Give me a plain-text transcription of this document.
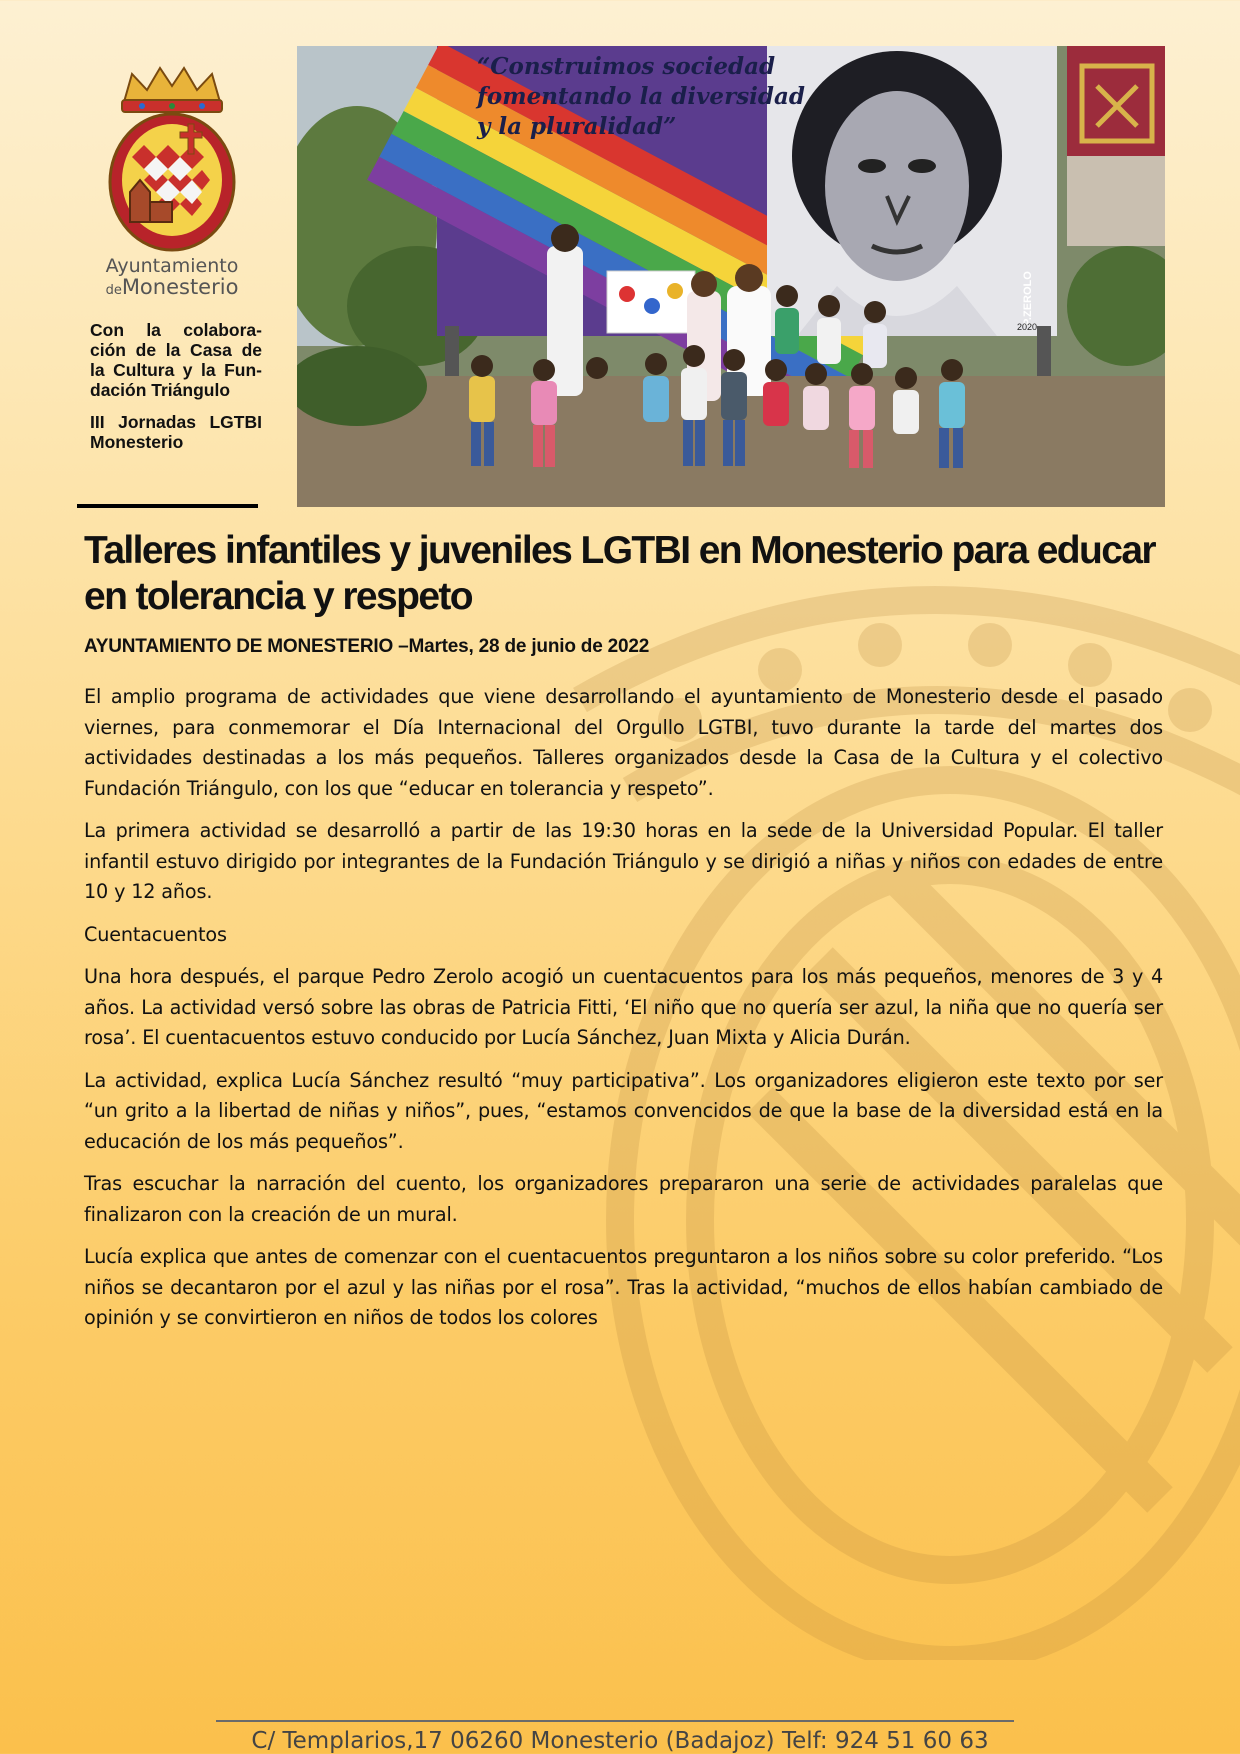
Ayuntamiento
deMonesterio

Con la colabora-ción de la Casa de la Cultura y la Fun-dación Triángulo

III Jornadas LGTBI Monesterio

P.ZEROLO
2020
“Construimos sociedad
fomentando la diversidad
y la pluralidad”
Talleres infantiles y juveniles LGTBI en Monesterio para educar en tolerancia y respeto

AYUNTAMIENTO DE MONESTERIO –Martes, 28 de junio de 2022

El amplio programa de actividades que viene desarrollando el ayuntamiento de Monesterio desde el pasado viernes, para conmemorar el Día Internacional del Orgullo LGTBI, tuvo durante la tarde del martes dos actividades destinadas a los más pequeños. Talleres organizados desde la Casa de la Cultura y el colectivo Fundación Triángulo, con los que “educar en tolerancia y respeto”.

La primera actividad se desarrolló a partir de las 19:30 horas en la sede de la Universidad Popular. El taller infantil estuvo dirigido por integrantes de la Fundación Triángulo y se dirigió a niñas y niños con edades de entre 10 y 12 años.

Cuentacuentos

Una hora después, el parque Pedro Zerolo acogió un cuentacuentos para los más pequeños, menores de 3 y 4 años. La actividad versó sobre las obras de Patricia Fitti, ‘El niño que no quería ser azul, la niña que no quería ser rosa’. El cuentacuentos estuvo conducido por Lucía Sánchez, Juan Mixta y Alicia Durán.

La actividad, explica Lucía Sánchez resultó “muy participativa”. Los organizadores eligieron este texto por ser “un grito a la libertad de niñas y niños”, pues, “estamos convencidos de que la base de la diversidad está en la educación de los más pequeños”.

Tras escuchar la narración del cuento, los organizadores prepararon una serie de actividades paralelas que finalizaron con la creación de un mural.

Lucía explica que antes de comenzar con el cuentacuentos preguntaron a los niños sobre su color preferido. “Los niños se decantaron por el azul y las niñas por el rosa”. Tras la actividad, “muchos de ellos habían cambiado de opinión y se convirtieron en niños de todos los colores

C/ Templarios,17 06260 Monesterio (Badajoz) Telf: 924 51 60 63
